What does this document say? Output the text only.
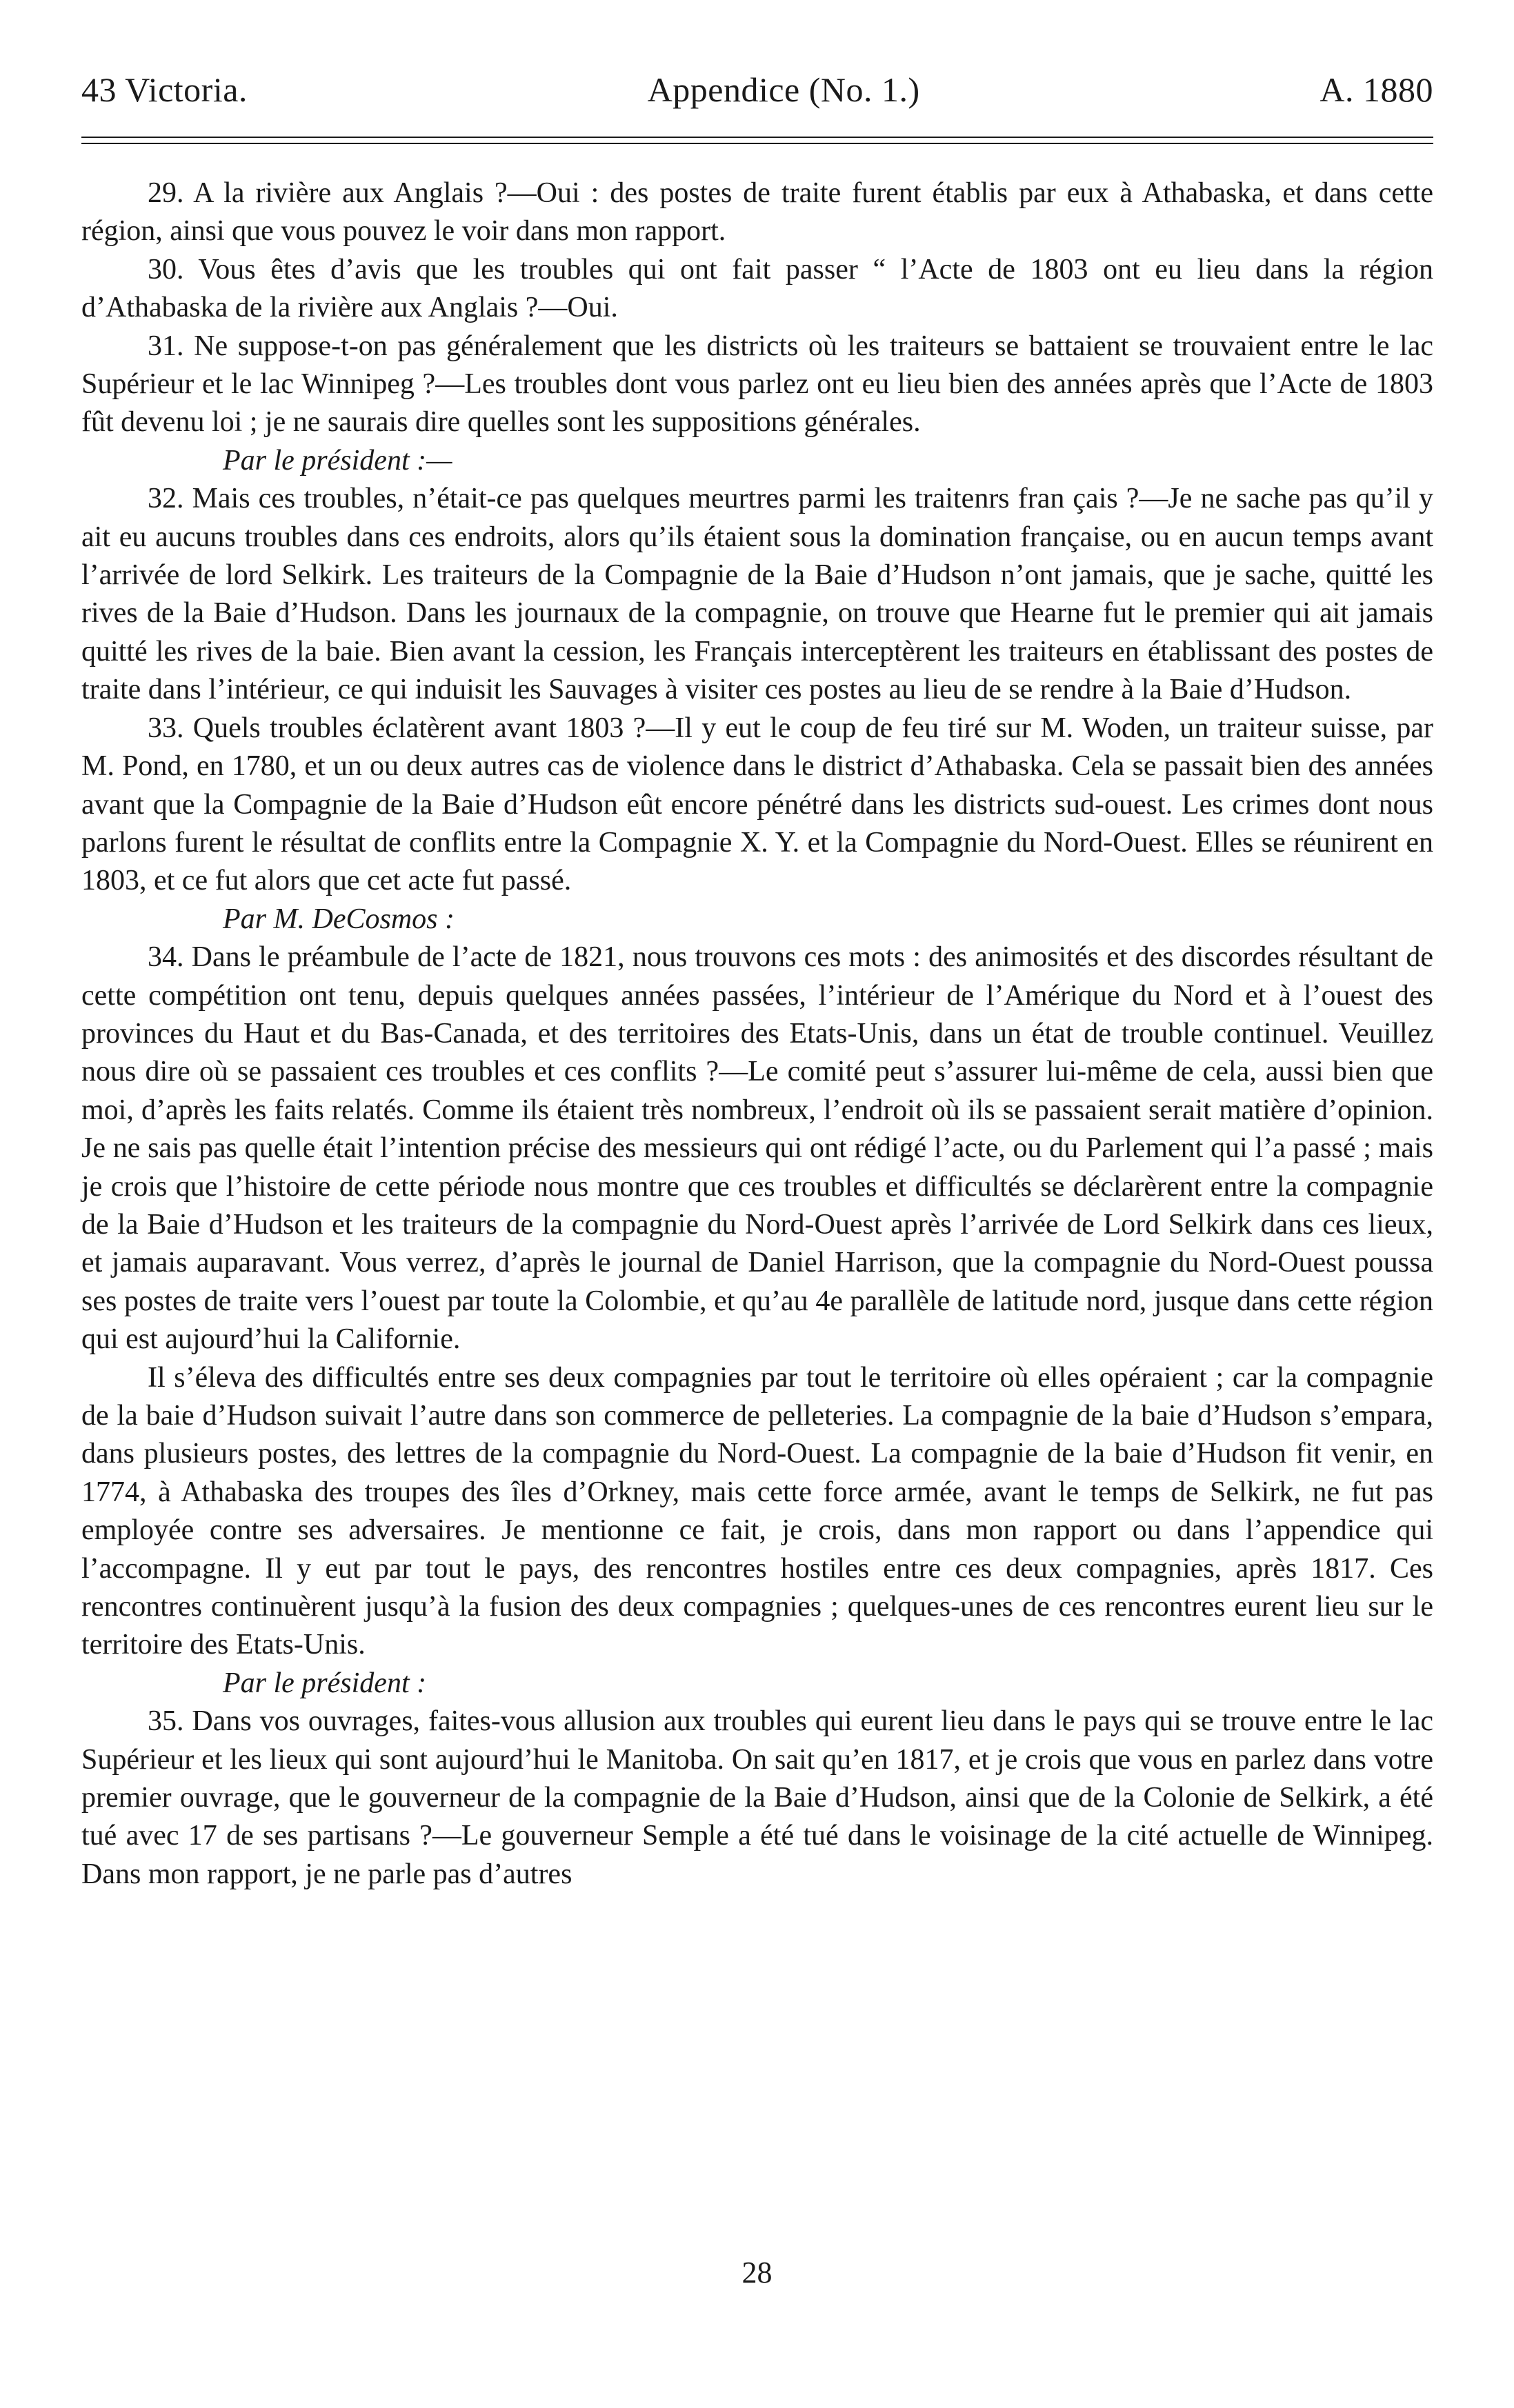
43 Victoria.	Appendice (No. 1.)	A. 1880

29. A la rivière aux Anglais ?—Oui : des postes de traite furent établis par eux à Athabaska, et dans cette région, ainsi que vous pouvez le voir dans mon rapport.

30. Vous êtes d’avis que les troubles qui ont fait passer “ l’Acte de 1803 ont eu lieu dans la région d’Athabaska de la rivière aux Anglais ?—Oui.

31. Ne suppose-t-on pas généralement que les districts où les traiteurs se battaient se trouvaient entre le lac Supérieur et le lac Winnipeg ?—Les troubles dont vous parlez ont eu lieu bien des années après que l’Acte de 1803 fût devenu loi ; je ne saurais dire quelles sont les suppositions générales.

Par le président :—

32. Mais ces troubles, n’était-ce pas quelques meurtres parmi les traitenrs fran çais ?—Je ne sache pas qu’il y ait eu aucuns troubles dans ces endroits, alors qu’ils étaient sous la domination française, ou en aucun temps avant l’arrivée de lord Selkirk. Les traiteurs de la Compagnie de la Baie d’Hudson n’ont jamais, que je sache, quitté les rives de la Baie d’Hudson. Dans les journaux de la compagnie, on trouve que Hearne fut le premier qui ait jamais quitté les rives de la baie. Bien avant la cession, les Français interceptèrent les traiteurs en établissant des postes de traite dans l’intérieur, ce qui induisit les Sauvages à visiter ces postes au lieu de se rendre à la Baie d’Hudson.

33. Quels troubles éclatèrent avant 1803 ?—Il y eut le coup de feu tiré sur M. Woden, un traiteur suisse, par M. Pond, en 1780, et un ou deux autres cas de violence dans le district d’Athabaska. Cela se passait bien des années avant que la Compagnie de la Baie d’Hudson eût encore pénétré dans les districts sud-ouest. Les crimes dont nous parlons furent le résultat de conflits entre la Compagnie X. Y. et la Compagnie du Nord-Ouest. Elles se réunirent en 1803, et ce fut alors que cet acte fut passé.

Par M. DeCosmos :

34. Dans le préambule de l’acte de 1821, nous trouvons ces mots : des animosités et des discordes résultant de cette compétition ont tenu, depuis quelques années passées, l’intérieur de l’Amérique du Nord et à l’ouest des provinces du Haut et du Bas-Canada, et des territoires des Etats-Unis, dans un état de trouble continuel. Veuillez nous dire où se passaient ces troubles et ces conflits ?—Le comité peut s’assurer lui-même de cela, aussi bien que moi, d’après les faits relatés. Comme ils étaient très nombreux, l’endroit où ils se passaient serait matière d’opinion. Je ne sais pas quelle était l’intention précise des messieurs qui ont rédigé l’acte, ou du Parlement qui l’a passé ; mais je crois que l’histoire de cette période nous montre que ces troubles et difficultés se déclarèrent entre la compagnie de la Baie d’Hudson et les traiteurs de la compagnie du Nord-Ouest après l’arrivée de Lord Selkirk dans ces lieux, et jamais auparavant. Vous verrez, d’après le journal de Daniel Harrison, que la compagnie du Nord-Ouest poussa ses postes de traite vers l’ouest par toute la Colombie, et qu’au 4e parallèle de latitude nord, jusque dans cette région qui est aujourd’hui la Californie.

Il s’éleva des difficultés entre ses deux compagnies par tout le territoire où elles opéraient ; car la compagnie de la baie d’Hudson suivait l’autre dans son commerce de pelleteries. La compagnie de la baie d’Hudson s’empara, dans plusieurs postes, des lettres de la compagnie du Nord-Ouest. La compagnie de la baie d’Hudson fit venir, en 1774, à Athabaska des troupes des îles d’Orkney, mais cette force armée, avant le temps de Selkirk, ne fut pas employée contre ses adversaires. Je mentionne ce fait, je crois, dans mon rapport ou dans l’appendice qui l’accompagne. Il y eut par tout le pays, des rencontres hostiles entre ces deux compagnies, après 1817. Ces rencontres continuèrent jusqu’à la fusion des deux compagnies ; quelques-unes de ces rencontres eurent lieu sur le territoire des Etats-Unis.

Par le président :

35. Dans vos ouvrages, faites-vous allusion aux troubles qui eurent lieu dans le pays qui se trouve entre le lac Supérieur et les lieux qui sont aujourd’hui le Manitoba. On sait qu’en 1817, et je crois que vous en parlez dans votre premier ouvrage, que le gouverneur de la compagnie de la Baie d’Hudson, ainsi que de la Colonie de Selkirk, a été tué avec 17 de ses partisans ?—Le gouverneur Semple a été tué dans le voisinage de la cité actuelle de Winnipeg. Dans mon rapport, je ne parle pas d’autres

28
